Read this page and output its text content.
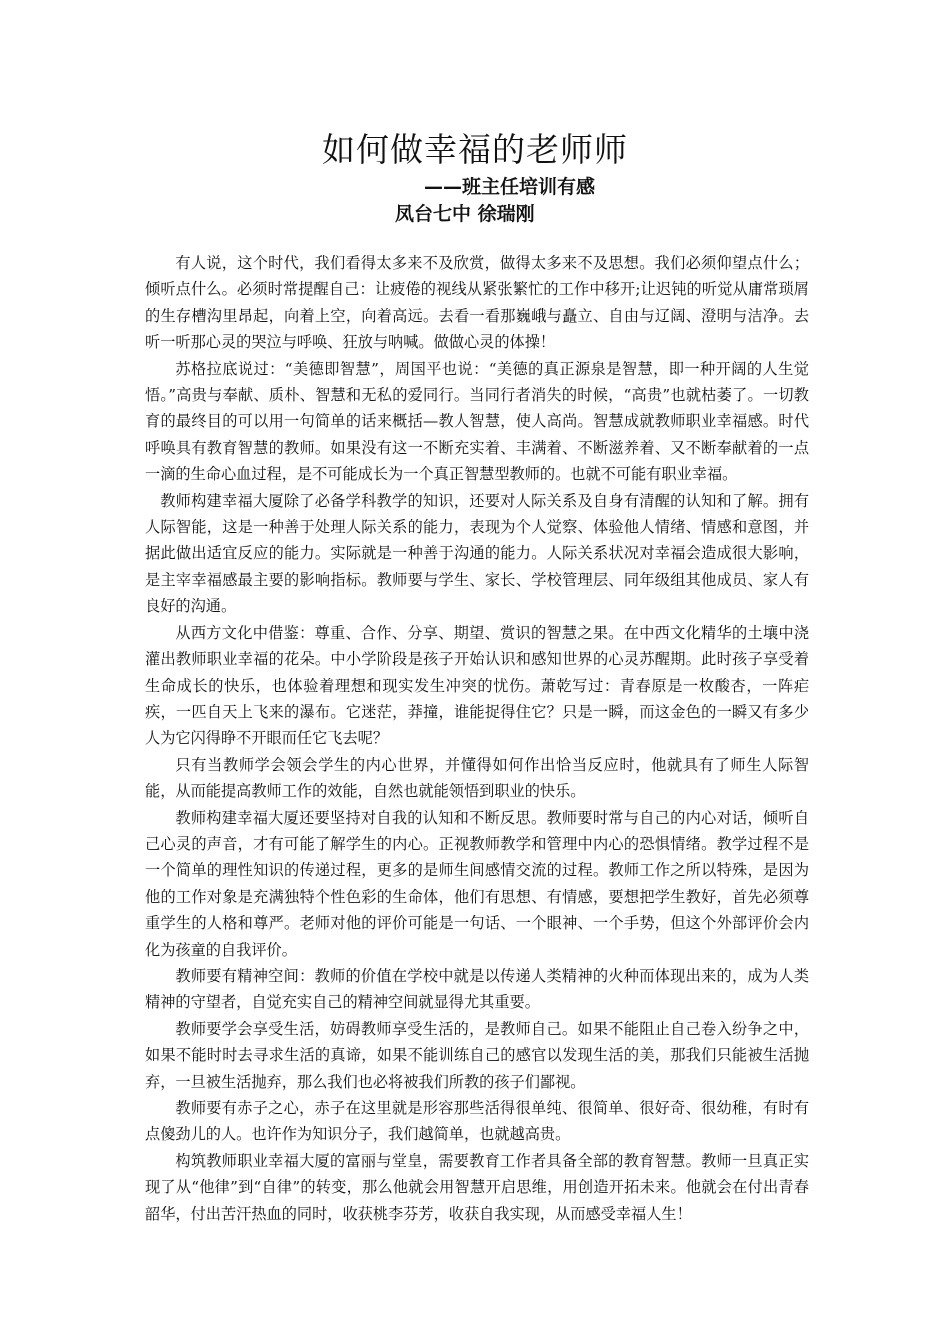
如何做幸福的老师师
——班主任培训有感
凤台七中 徐瑞刚

有人说，这个时代，我们看得太多来不及欣赏，做得太多来不及思想。我们必须仰望点什么；倾听点什么。必须时常提醒自己：让疲倦的视线从紧张繁忙的工作中移开;让迟钝的听觉从庸常琐屑的生存槽沟里昂起，向着上空，向着高远。去看一看那巍峨与矗立、自由与辽阔、澄明与洁净。去听一听那心灵的哭泣与呼唤、狂放与呐喊。做做心灵的体操！

苏格拉底说过：“美德即智慧”，周国平也说：“美德的真正源泉是智慧，即一种开阔的人生觉悟。”高贵与奉献、质朴、智慧和无私的爱同行。当同行者消失的时候，“高贵”也就枯萎了。一切教育的最终目的可以用一句简单的话来概括—教人智慧，使人高尚。智慧成就教师职业幸福感。时代呼唤具有教育智慧的教师。如果没有这一不断充实着、丰满着、不断滋养着、又不断奉献着的一点一滴的生命心血过程，是不可能成长为一个真正智慧型教师的。也就不可能有职业幸福。

教师构建幸福大厦除了必备学科教学的知识，还要对人际关系及自身有清醒的认知和了解。拥有人际智能，这是一种善于处理人际关系的能力，表现为个人觉察、体验他人情绪、情感和意图，并据此做出适宜反应的能力。实际就是一种善于沟通的能力。人际关系状况对幸福会造成很大影响，是主宰幸福感最主要的影响指标。教师要与学生、家长、学校管理层、同年级组其他成员、家人有良好的沟通。

从西方文化中借鉴：尊重、合作、分享、期望、赏识的智慧之果。在中西文化精华的土壤中浇灌出教师职业幸福的花朵。中小学阶段是孩子开始认识和感知世界的心灵苏醒期。此时孩子享受着生命成长的快乐，也体验着理想和现实发生冲突的忧伤。萧乾写过：青春原是一枚酸杏，一阵疟疾，一匹自天上飞来的瀑布。它迷茫，莽撞，谁能捉得住它？只是一瞬，而这金色的一瞬又有多少人为它闪得睁不开眼而任它飞去呢？

只有当教师学会领会学生的内心世界，并懂得如何作出恰当反应时，他就具有了师生人际智能，从而能提高教师工作的效能，自然也就能领悟到职业的快乐。

教师构建幸福大厦还要坚持对自我的认知和不断反思。教师要时常与自己的内心对话，倾听自己心灵的声音，才有可能了解学生的内心。正视教师教学和管理中内心的恐惧情绪。教学过程不是一个简单的理性知识的传递过程，更多的是师生间感情交流的过程。教师工作之所以特殊，是因为他的工作对象是充满独特个性色彩的生命体，他们有思想、有情感，要想把学生教好，首先必须尊重学生的人格和尊严。老师对他的评价可能是一句话、一个眼神、一个手势，但这个外部评价会内化为孩童的自我评价。

教师要有精神空间：教师的价值在学校中就是以传递人类精神的火种而体现出来的，成为人类精神的守望者，自觉充实自己的精神空间就显得尤其重要。

教师要学会享受生活，妨碍教师享受生活的，是教师自己。如果不能阻止自己卷入纷争之中，如果不能时时去寻求生活的真谛，如果不能训练自己的感官以发现生活的美，那我们只能被生活抛弃，一旦被生活抛弃，那么我们也必将被我们所教的孩子们鄙视。

教师要有赤子之心，赤子在这里就是形容那些活得很单纯、很简单、很好奇、很幼稚，有时有点傻劲儿的人。也许作为知识分子，我们越简单，也就越高贵。

构筑教师职业幸福大厦的富丽与堂皇，需要教育工作者具备全部的教育智慧。教师一旦真正实现了从“他律”到“自律”的转变，那么他就会用智慧开启思维，用创造开拓未来。他就会在付出青春韶华，付出苦汗热血的同时，收获桃李芬芳，收获自我实现，从而感受幸福人生！
